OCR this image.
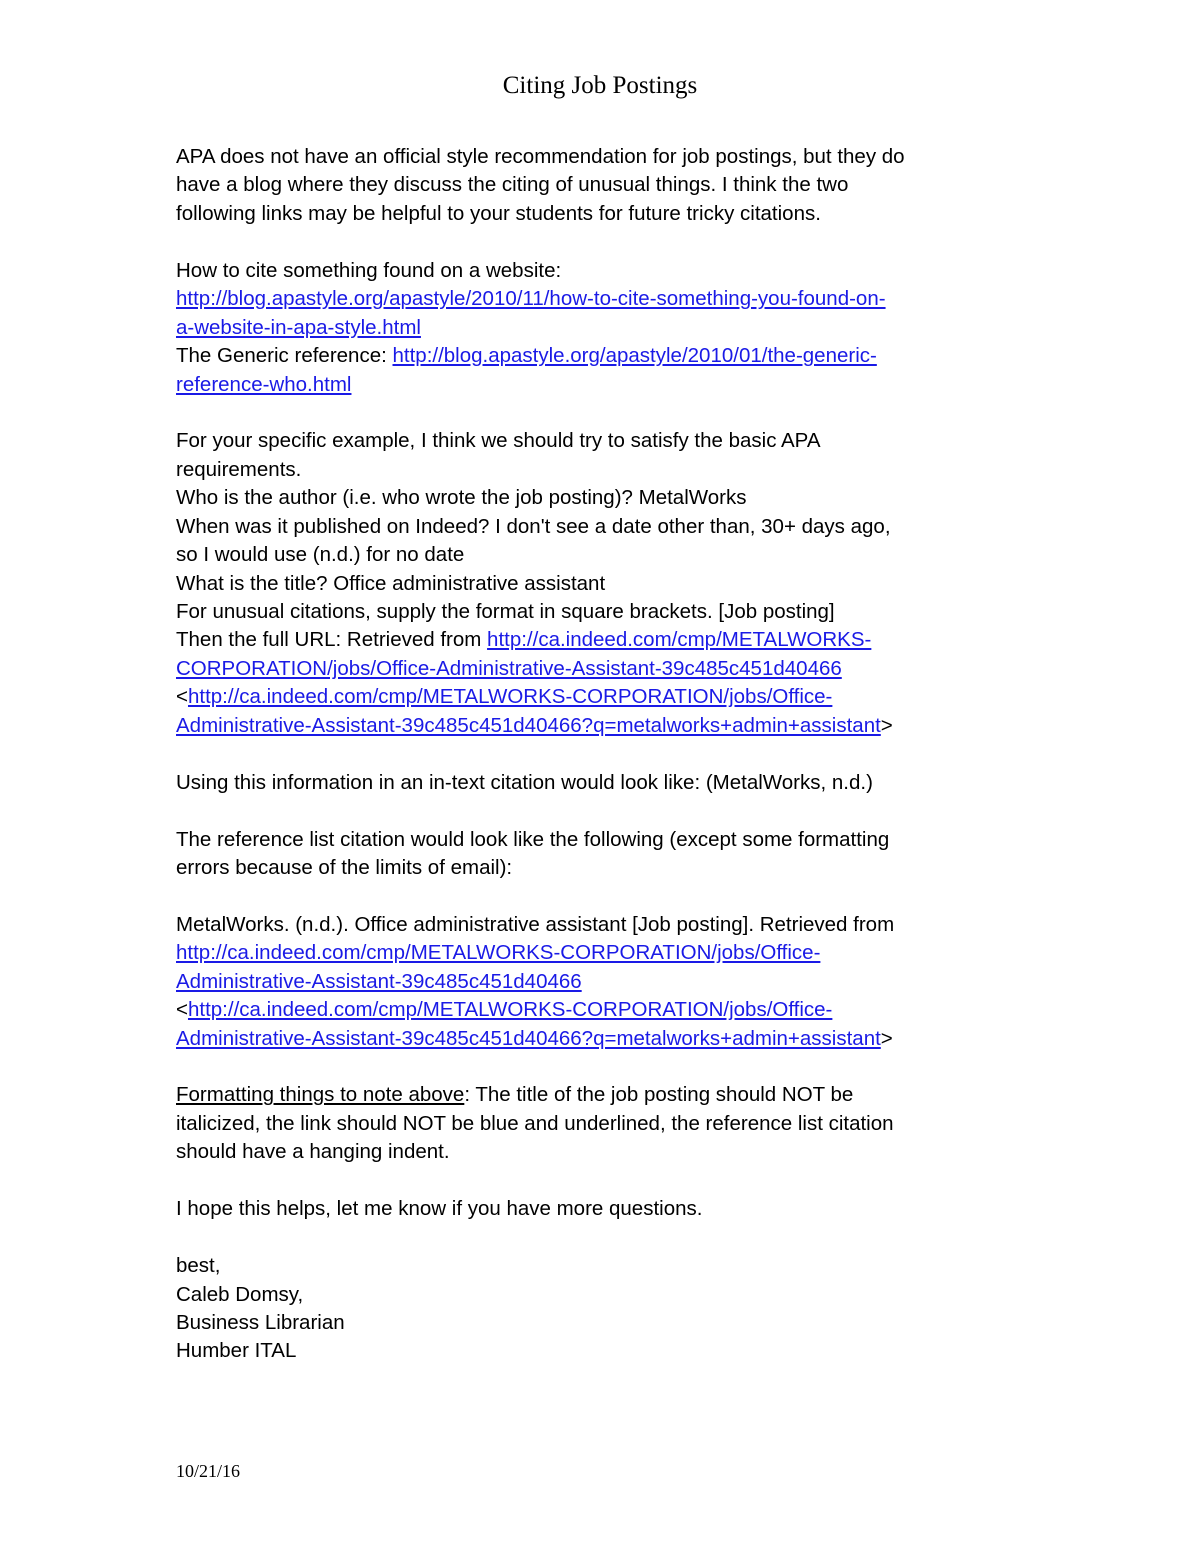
Citing Job Postings
APA does not have an official style recommendation for job postings, but they do
have a blog where they discuss the citing of unusual things. I think the two
following links may be helpful to your students for future tricky citations.
How to cite something found on a website:
http://blog.apastyle.org/apastyle/2010/11/how-to-cite-something-you-found-on-
a-website-in-apa-style.html
The Generic reference: http://blog.apastyle.org/apastyle/2010/01/the-generic-
reference-who.html
For your specific example, I think we should try to satisfy the basic APA
requirements.
Who is the author (i.e. who wrote the job posting)? MetalWorks
When was it published on Indeed? I don't see a date other than, 30+ days ago,
so I would use (n.d.) for no date
What is the title? Office administrative assistant
For unusual citations, supply the format in square brackets. [Job posting]
Then the full URL: Retrieved from http://ca.indeed.com/cmp/METALWORKS-
CORPORATION/jobs/Office-Administrative-Assistant-39c485c451d40466
<http://ca.indeed.com/cmp/METALWORKS-CORPORATION/jobs/Office-
Administrative-Assistant-39c485c451d40466?q=metalworks+admin+assistant>
Using this information in an in-text citation would look like: (MetalWorks, n.d.)
The reference list citation would look like the following (except some formatting
errors because of the limits of email):
MetalWorks. (n.d.). Office administrative assistant [Job posting]. Retrieved from
http://ca.indeed.com/cmp/METALWORKS-CORPORATION/jobs/Office-
Administrative-Assistant-39c485c451d40466
<http://ca.indeed.com/cmp/METALWORKS-CORPORATION/jobs/Office-
Administrative-Assistant-39c485c451d40466?q=metalworks+admin+assistant>
Formatting things to note above: The title of the job posting should NOT be
italicized, the link should NOT be blue and underlined, the reference list citation
should have a hanging indent.
I hope this helps, let me know if you have more questions.
best,
Caleb Domsy,
Business Librarian
Humber ITAL
10/21/16
